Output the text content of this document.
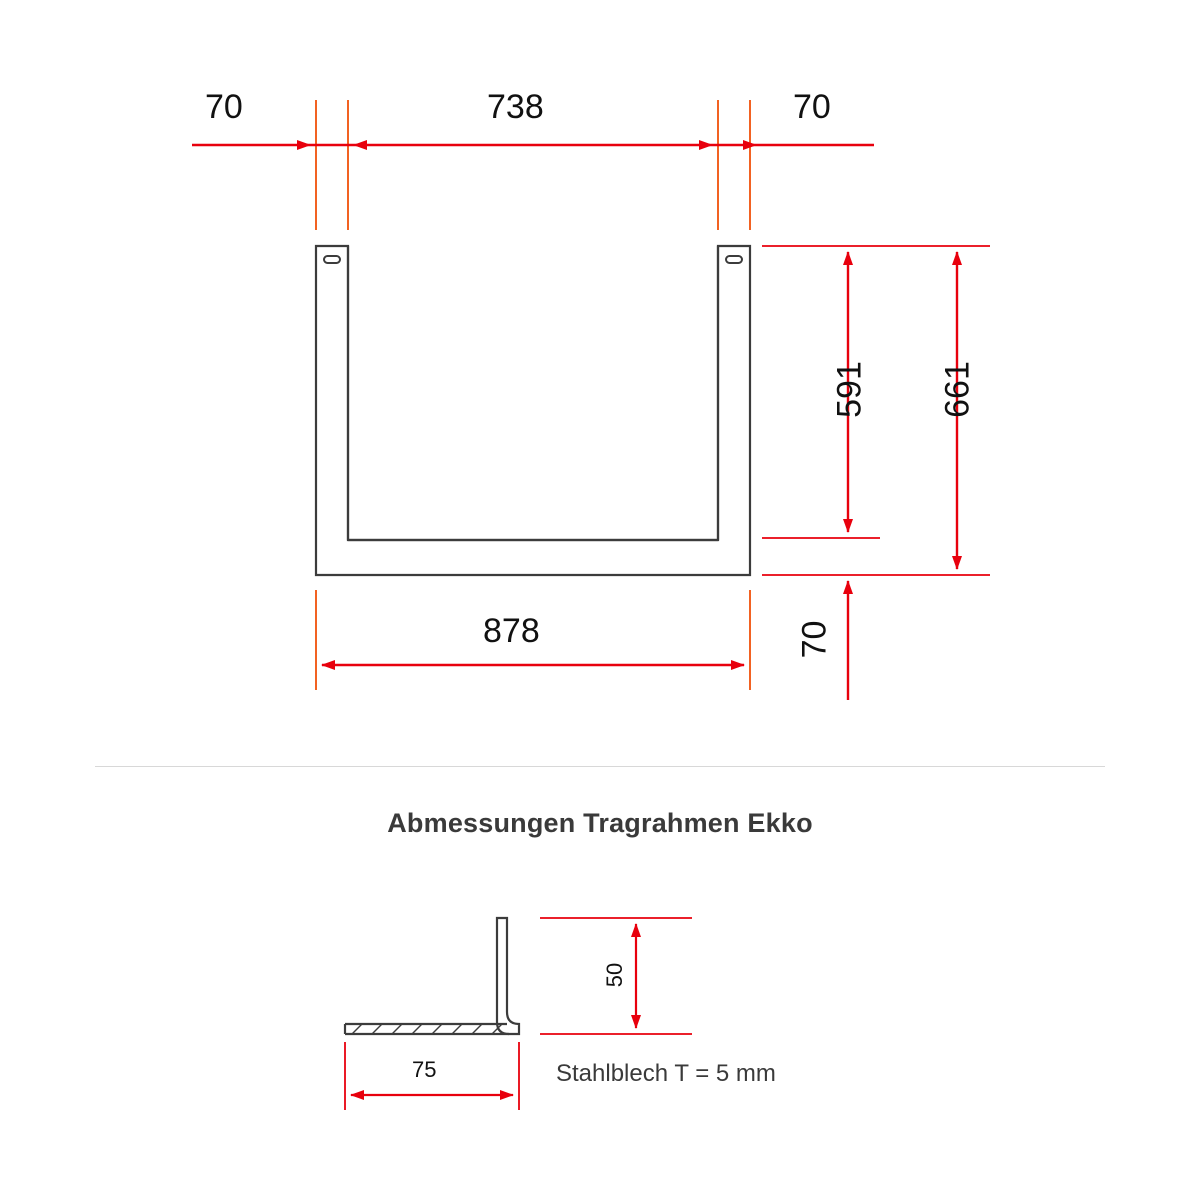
70	738	70
591 661
70
878
Abmessungen Tragrahmen Ekko
50
75	Stahlblech T = 5 mm
